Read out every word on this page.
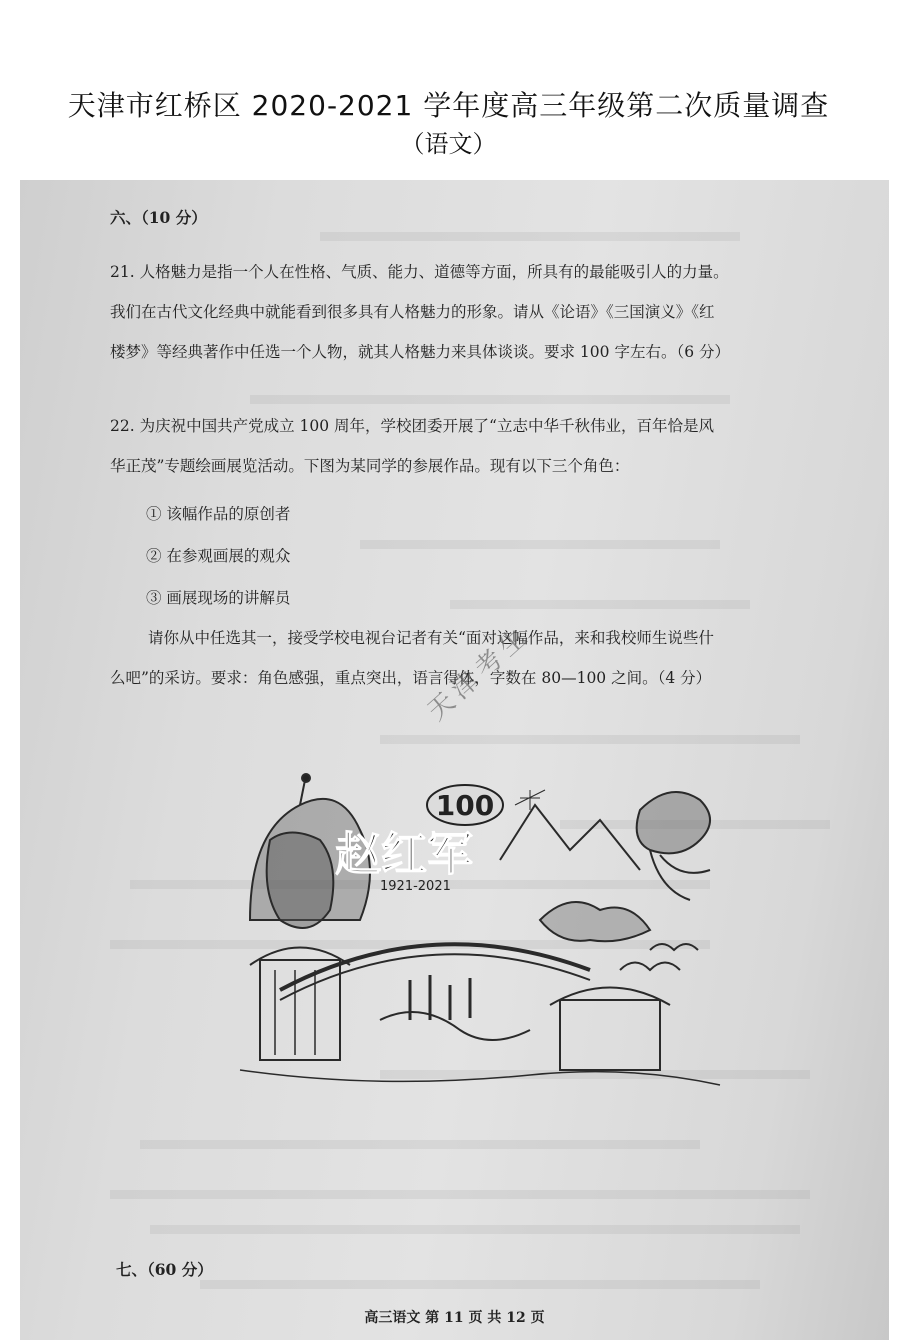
天津市红桥区 2020-2021 学年度高三年级第二次质量调查
（语文）
六、（10 分）
21. 人格魅力是指一个人在性格、气质、能力、道德等方面，所具有的最能吸引人的力量。
我们在古代文化经典中就能看到很多具有人格魅力的形象。请从《论语》《三国演义》《红
楼梦》等经典著作中任选一个人物，就其人格魅力来具体谈谈。要求 100 字左右。（6 分）
22. 为庆祝中国共产党成立 100 周年，学校团委开展了“立志中华千秋伟业，百年恰是风
华正茂”专题绘画展览活动。下图为某同学的参展作品。现有以下三个角色：
① 该幅作品的原创者
② 在参观画展的观众
③ 画展现场的讲解员
请你从中任选其一，接受学校电视台记者有关“面对这幅作品，来和我校师生说些什
么吧”的采访。要求：角色感强，重点突出，语言得体，字数在 80—100 之间。（4 分）
天津考生
100
赵红军
1921-2021
七、（60 分）
高三语文 第 11 页 共 12 页
